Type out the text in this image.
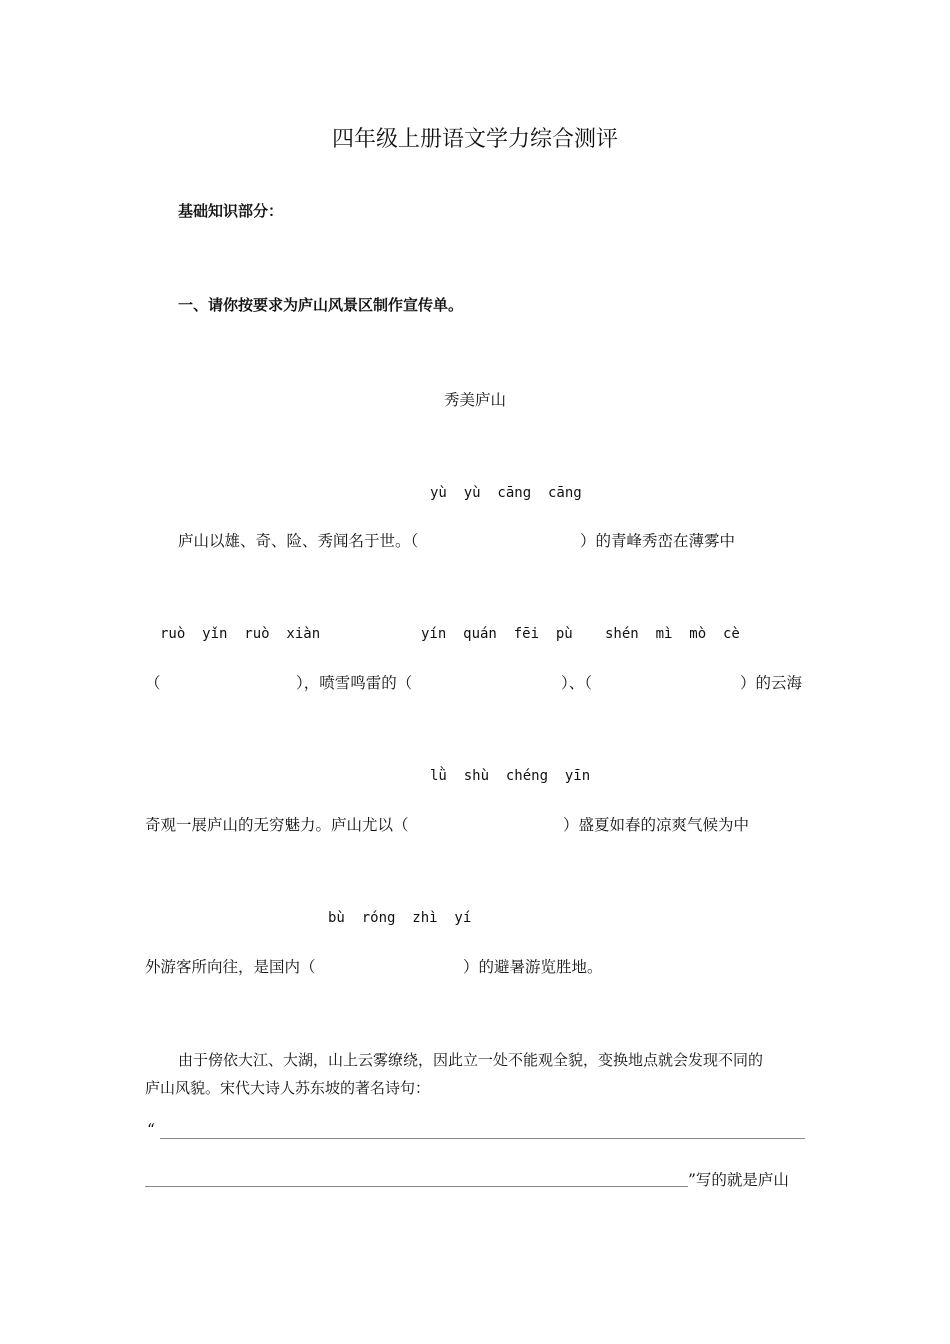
四年级上册语文学力综合测评
基础知识部分：
一、请你按要求为庐山风景区制作宣传单。
秀美庐山
yù  yù  cāng  cāng
庐山以雄、奇、险、秀闻名于世。（	）的青峰秀峦在薄雾中
ruò  yǐn  ruò  xiàn	yín  quán  fēi  pù shén  mì  mò  cè
（	），喷雪鸣雷的（	）、（	）的云海
lǜ  shù  chéng  yīn
奇观一展庐山的无穷魅力。庐山尤以（	）盛夏如春的凉爽气候为中
bù  róng  zhì  yí
外游客所向往，是国内（	）的避暑游览胜地。
由于傍依大江、大湖，山上云雾缭绕，因此立一处不能观全貌，变换地点就会发现不同的
庐山风貌。宋代大诗人苏东坡的著名诗句：
“
”写的就是庐山
